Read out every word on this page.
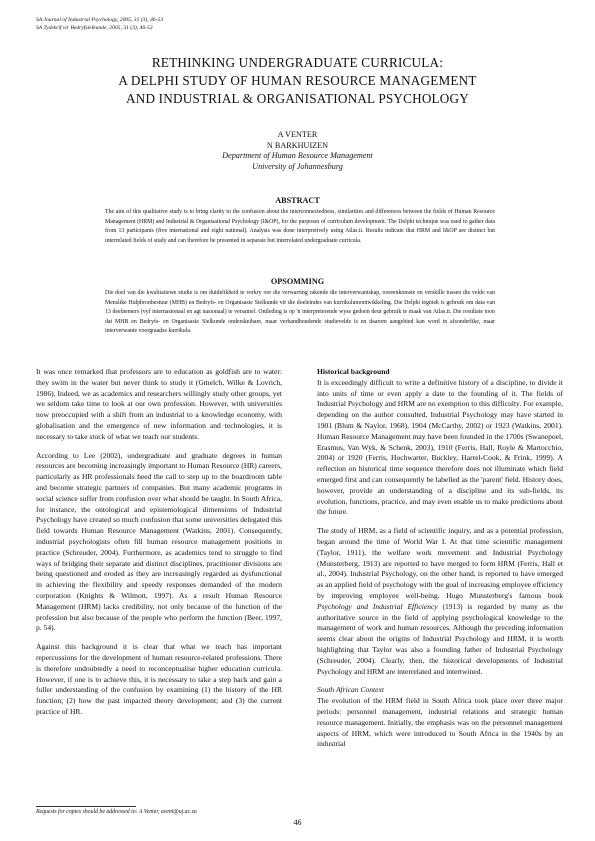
SA Journal of Industrial Psychology, 2005, 31 (3), 46-53
SA Tydskrif vir Bedryfsielkunde, 2005, 31 (3), 46-53
RETHINKING UNDERGRADUATE CURRICULA:
A DELPHI STUDY OF HUMAN RESOURCE MANAGEMENT
AND INDUSTRIAL & ORGANISATIONAL PSYCHOLOGY
A VENTER
N BARKHUIZEN
Department of Human Resource Management
University of Johannesburg
ABSTRACT
The aim of this qualitative study is to bring clarity to the confusion about the interconnectedness, similarities and differences between the fields of Human Resource Management (HRM) and Industrial & Organisational Psychology (I&OP), for the purposes of curriculum development. The Delphi technique was used to gather data from 13 participants (five international and eight national). Analysis was done interpretively using Atlas.ti. Results indicate that HRM and I&OP are distinct but interrelated fields of study and can therefore be presented in separate but interrelated undergraduate curricula.
OPSOMMING
Die doel van die kwalitatiewe studie is om duidelikheid te verkry oor die verwarring rakende die interverwantskap, ooreenkomste en verskille tussen die velde van Menslike Hulpbronbestuur (MHB) en Bedryfs- en Organisasie Sielkunde vir die doeleindes van kurrikulumontwikkeling. Die Delphi tegniek is gebruik om data van 13 deelnemers (vyf internasionaal en agt nasionaal) te versamel. Ontleding is op 'n interpreterende wyse gedoen deur gebruik te maak van Atlas.ti. Die resultate toon dat MHB en Bedryfs- en Organisasie Sielkunde onderskeibare, maar verbandhoudende studievelde is en daarom aangebied kan word in afsonderlike, maar interverwante voorgraadse kurrikula.

It was once remarked that professors are to education as goldfish are to water: they swim in the water but never think to study it (Gmelch, Wilke & Lovrich, 1986). Indeed, we as academics and researchers willingly study other groups, yet we seldom take time to look at our own profession. However, with universities now preoccupied with a shift from an industrial to a knowledge economy, with globalisation and the emergence of new information and technologies, it is necessary to take stock of what we teach our students.

According to Lee (2002), undergraduate and graduate degrees in human resources are becoming increasingly important to Human Resource (HR) careers, particularly as HR professionals heed the call to step up to the boardroom table and become strategic partners of companies. But many academic programs in social science suffer from confusion over what should be taught. In South Africa, for instance, the ontological and epistemological dimensions of Industrial Psychology have created so much confusion that some universities delegated this field towards Human Resource Management (Watkins, 2001). Consequently, industrial psychologists often fill human resource management positions in practice (Schreuder, 2004). Furthermore, as academics tend to struggle to find ways of bridging their separate and distinct disciplines, practitioner divisions are being questioned and eroded as they are increasingly regarded as dysfunctional in achieving the flexibility and speedy responses demanded of the modern corporation (Knights & Wilmott, 1997). As a result Human Resource Management (HRM) lacks credibility, not only because of the function of the profession but also because of the people who perform the function (Beer, 1997, p. 54).

Against this background it is clear that what we teach has important repercussions for the development of human resource-related professions. There is therefore undoubtedly a need to reconceptualise higher education curricula. However, if one is to achieve this, it is necessary to take a step back and gain a fuller understanding of the confusion by examining (1) the history of the HR function; (2) how the past impacted theory development; and (3) the current practice of HR.

Historical background

It is exceedingly difficult to write a definitive history of a discipline, to divide it into units of time or even apply a date to the founding of it. The fields of Industrial Psychology and HRM are no exemption to this difficulty. For example, depending on the author consulted, Industrial Psychology may have started in 1901 (Blum & Naylor, 1968), 1904 (McCarthy, 2002) or 1923 (Watkins, 2001). Human Resource Management may have been founded in the 1700s (Swanepoel, Erasmus, Van Wyk, & Schenk, 2003), 1910 (Ferris, Hall, Royle & Martocchio, 2004) or 1920 (Ferris, Hochwarter, Buckley, Harrel-Cook, & Frink, 1999). A reflection on historical time sequence therefore does not illuminate which field emerged first and can consequently be labelled as the 'parent' field. History does, however, provide an understanding of a discipline and its sub-fields, its evolution, functions, practice, and may even enable us to make predictions about the future.

The study of HRM, as a field of scientific inquiry, and as a potential profession, began around the time of World War I. At that time scientific management (Taylor, 1911), the welfare work movement and Industrial Psychology (Munsterberg, 1913) are reported to have merged to form HRM (Ferris, Hall et al., 2004). Industrial Psychology, on the other hand, is reported to have emerged as an applied field of psychology with the goal of increasing employee efficiency by improving employee well-being. Hugo Munsterberg's famous book Psychology and Industrial Efficiency (1913) is regarded by many as the authoritative source in the field of applying psychological knowledge to the management of work and human resources. Although the preceding information seems clear about the origins of Industrial Psychology and HRM, it is worth highlighting that Taylor was also a founding father of Industrial Psychology (Schreuder, 2004). Clearly, then, the historical developments of Industrial Psychology and HRM are interrelated and intertwined.

South African Context

The evolution of the HRM field in South Africa took place over three major periods: personnel management, industrial relations and strategic human resource management. Initially, the emphasis was on the personnel management aspects of HRM, which were introduced to South Africa in the 1940s by an industrial

Requests for copies should be addressed to: A Venter, avent@uj.ac.za
46
